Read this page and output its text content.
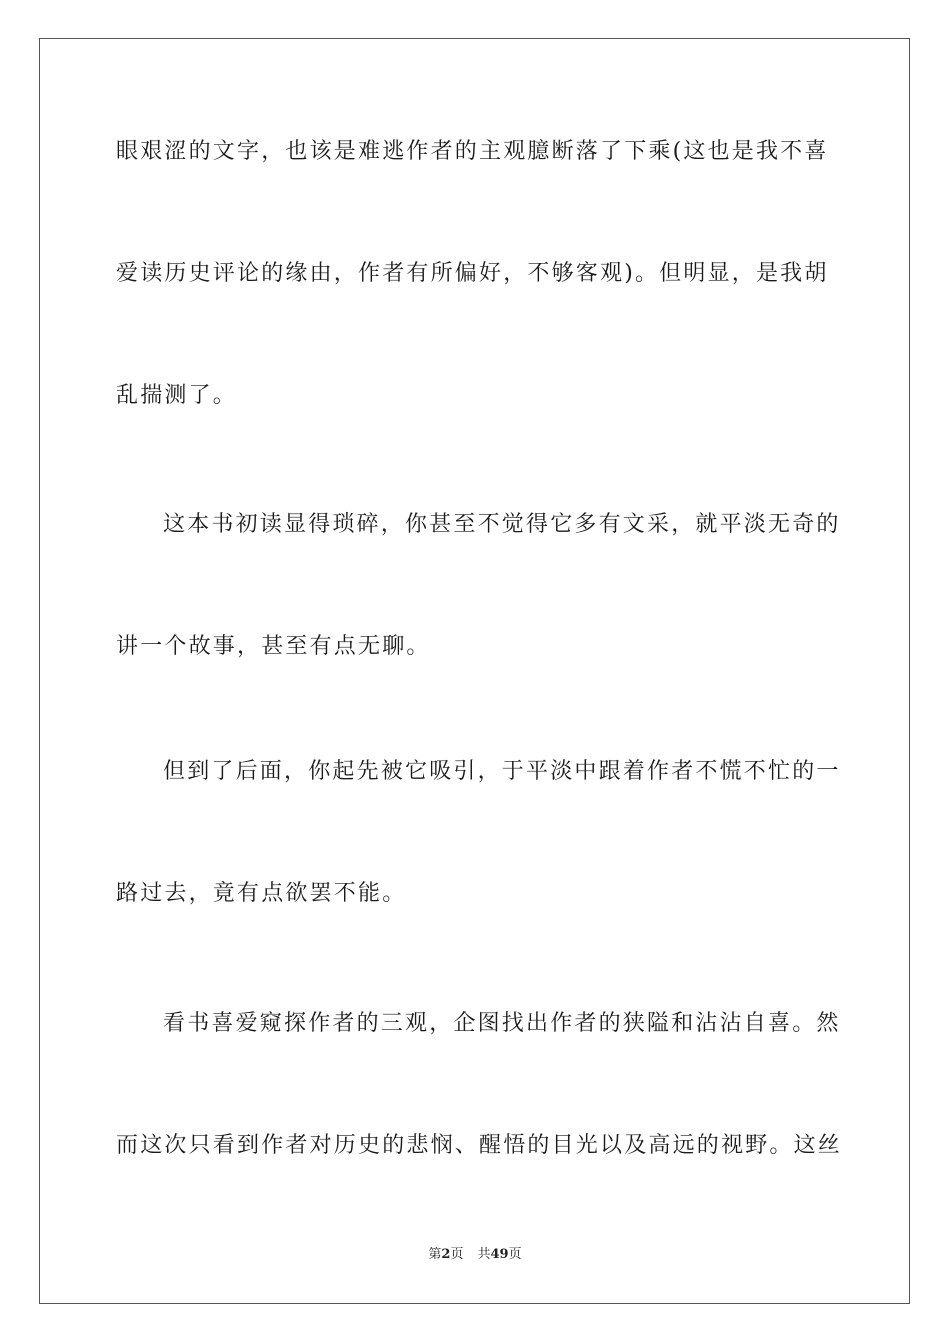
眼艰涩的文字，也该是难逃作者的主观臆断落了下乘(这也是我不喜
爱读历史评论的缘由，作者有所偏好，不够客观)。但明显，是我胡
乱揣测了。
这本书初读显得琐碎，你甚至不觉得它多有文采，就平淡无奇的
讲一个故事，甚至有点无聊。
但到了后面，你起先被它吸引，于平淡中跟着作者不慌不忙的一
路过去，竟有点欲罢不能。
看书喜爱窥探作者的三观，企图找出作者的狭隘和沾沾自喜。然
而这次只看到作者对历史的悲悯、醒悟的目光以及高远的视野。这丝
第2页 共49页
